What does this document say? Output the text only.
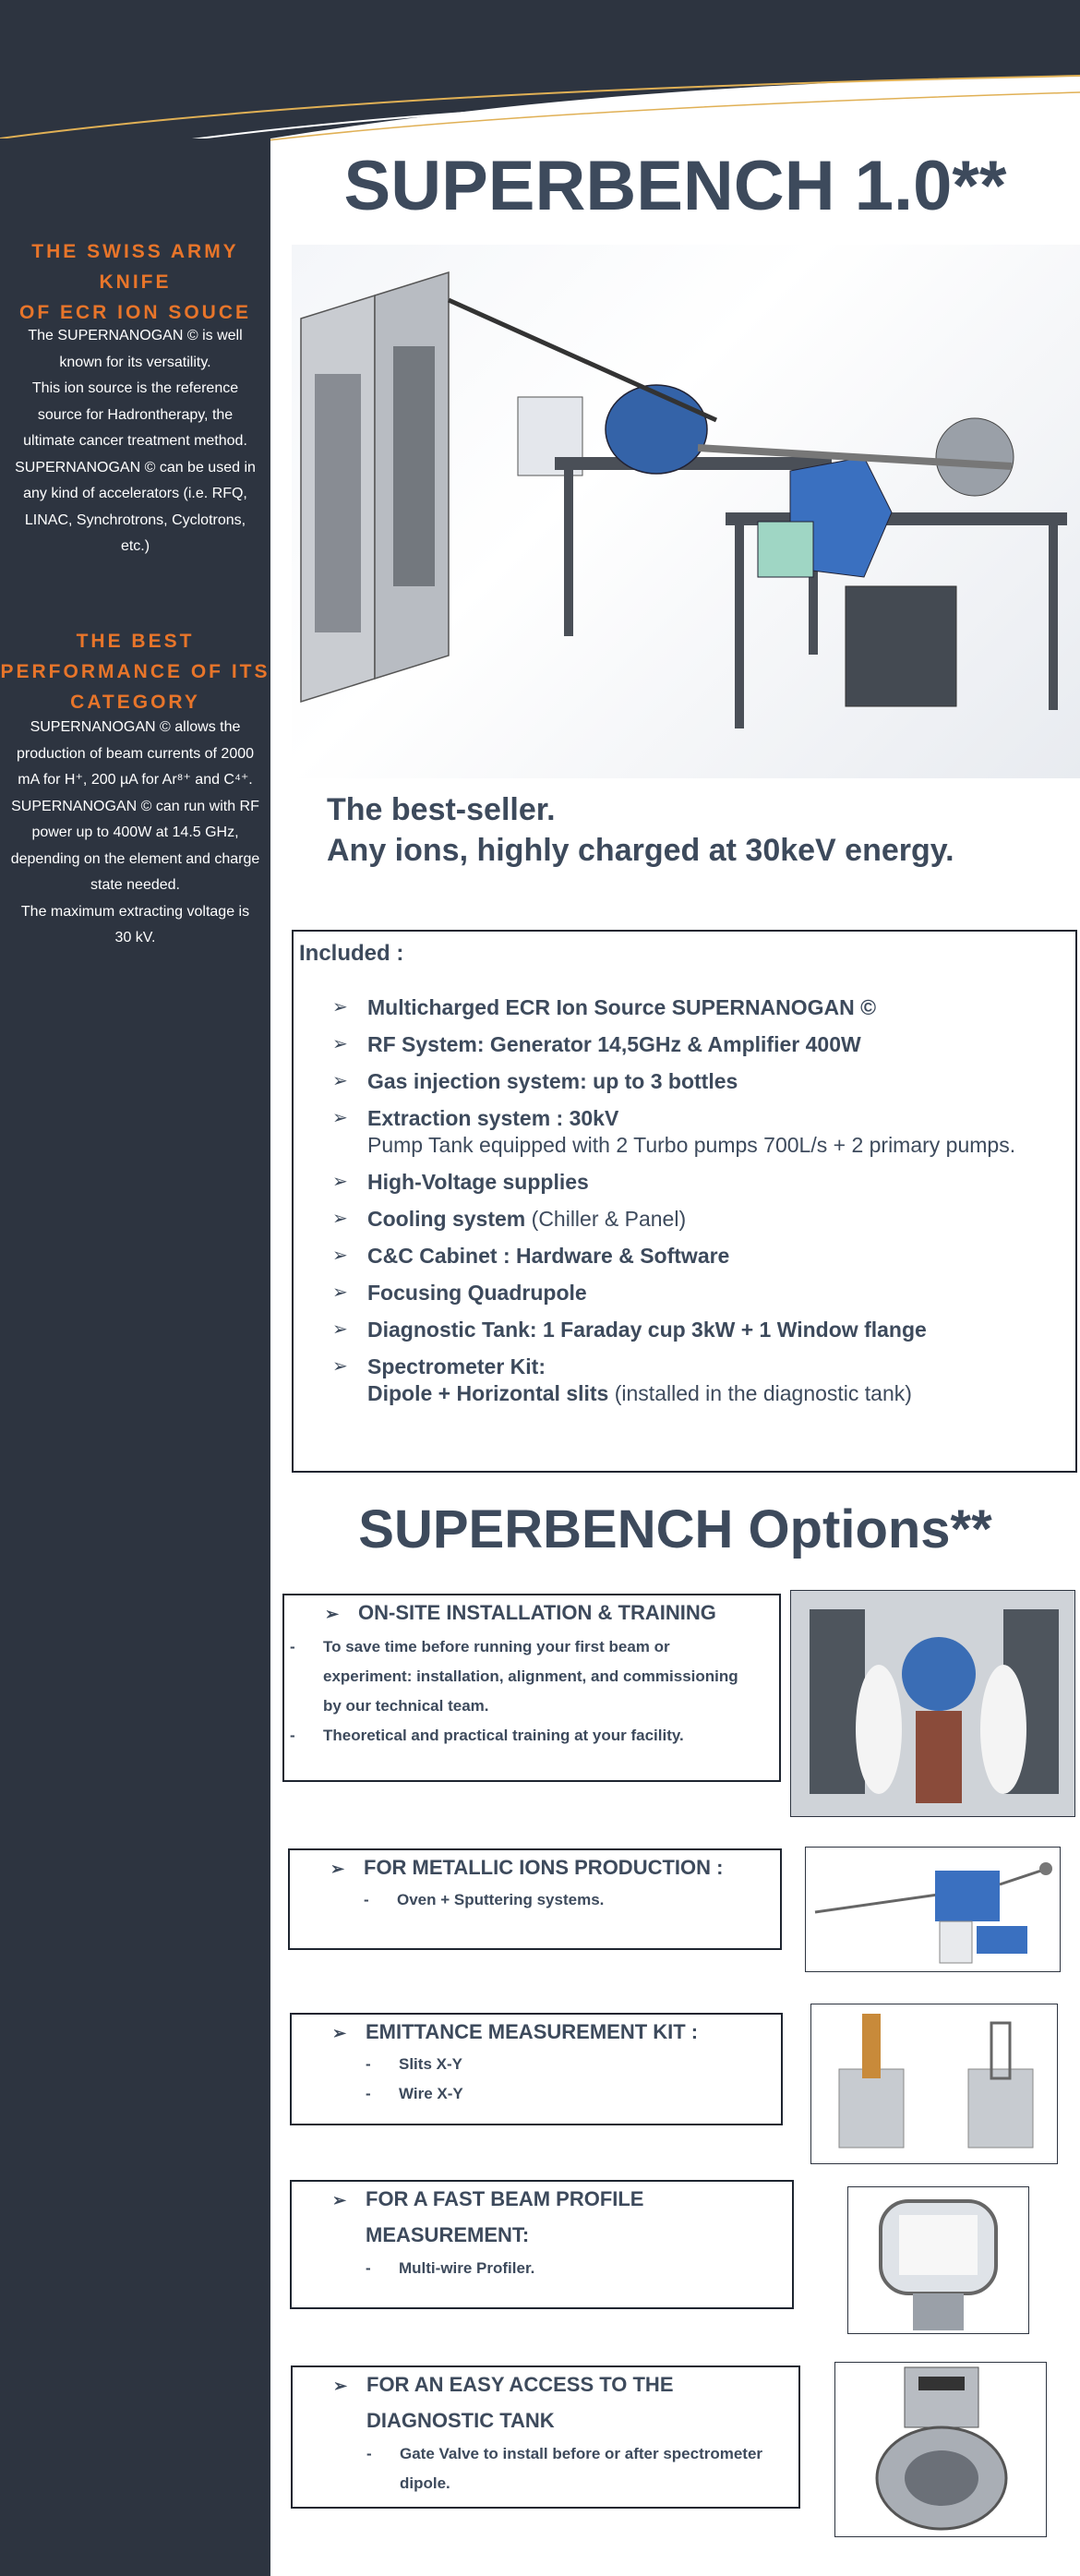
THE SWISS ARMY
KNIFE
OF ECR ION SOUCE

The SUPERNANOGAN © is well

known for its versatility.

This ion source is the reference

source for Hadrontherapy, the

ultimate cancer treatment method.

SUPERNANOGAN © can be used in

any kind of accelerators (i.e. RFQ,

LINAC, Synchrotrons, Cyclotrons,

etc.)

THE BEST
PERFORMANCE OF ITS
CATEGORY

SUPERNANOGAN © allows the

production of beam currents of 2000

mA for H⁺, 200 µA for Ar⁸⁺ and C⁴⁺.

SUPERNANOGAN © can run with RF

power up to 400W at 14.5 GHz,

depending on the element and charge

state needed.

The maximum extracting voltage is

30 kV.

SUPERBENCH 1.0**
The best-seller.
Any ions, highly charged at 30keV energy.
Included :
➢ Multicharged ECR Ion Source SUPERNANOGAN ©
➢ RF System: Generator 14,5GHz & Amplifier 400W
➢ Gas injection system: up to 3 bottles
➢ Extraction system : 30kV
Pump Tank equipped with 2 Turbo pumps 700L/s + 2 primary pumps.
➢ High-Voltage supplies
➢ Cooling system (Chiller & Panel)
➢ C&C Cabinet : Hardware & Software
➢ Focusing Quadrupole
➢ Diagnostic Tank: 1 Faraday cup 3kW + 1 Window flange
➢ Spectrometer Kit:
Dipole + Horizontal slits (installed in the diagnostic tank)
SUPERBENCH Options**
➢ ON-SITE INSTALLATION & TRAINING
- To save time before running your first beam or
experiment: installation, alignment, and commissioning
by our technical team.
-	Theoretical and practical training at your facility.
➢ FOR METALLIC IONS PRODUCTION :
- Oven + Sputtering systems.
➢ EMITTANCE MEASUREMENT KIT :
- Slits X-Y
- Wire X-Y
➢ FOR A FAST BEAM PROFILE
MEASUREMENT:
- Multi-wire Profiler.
➢ FOR AN EASY ACCESS TO THE
DIAGNOSTIC TANK
- Gate Valve to install before or after spectrometer
dipole.
